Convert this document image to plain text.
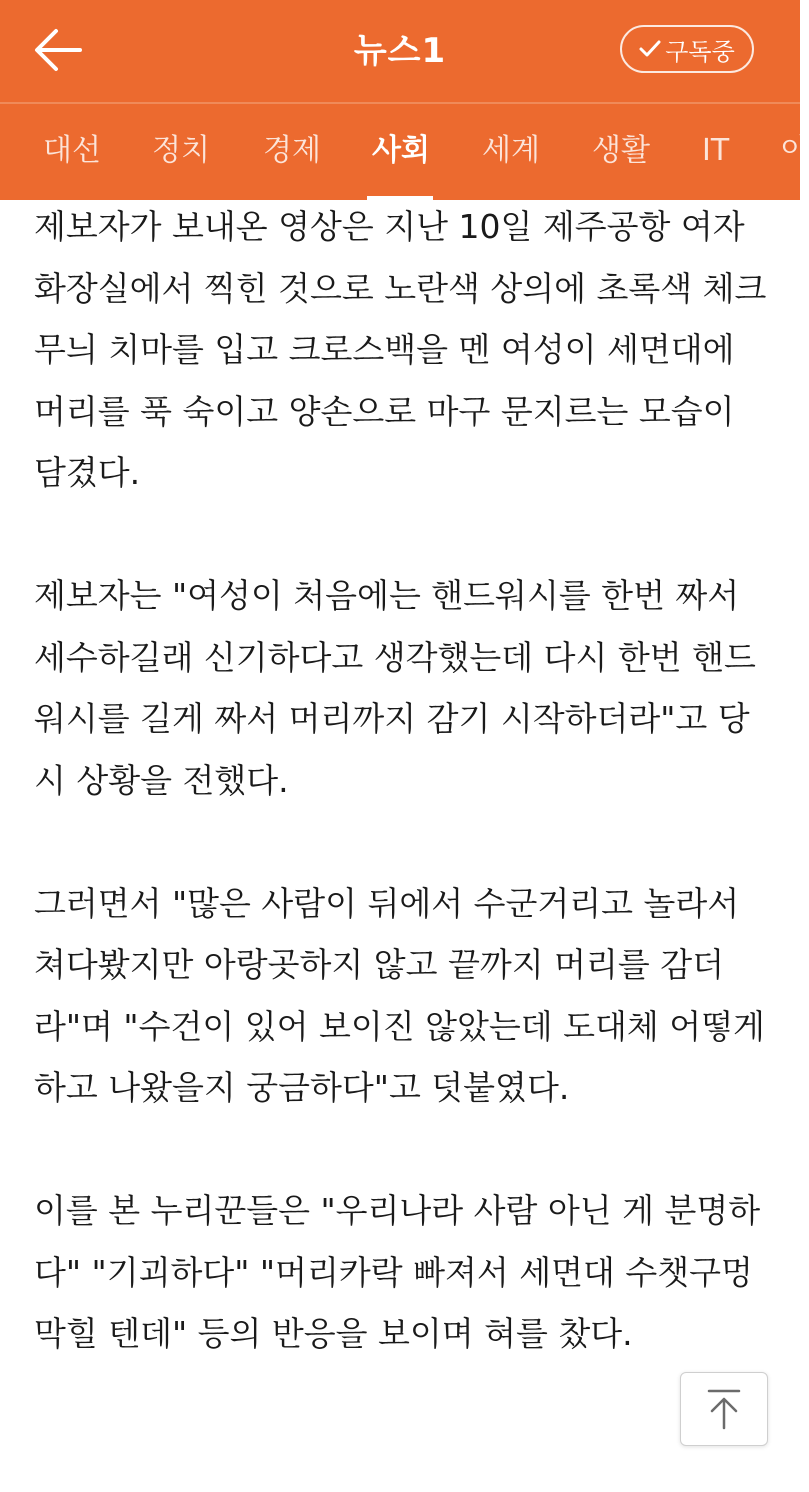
뉴스1	구독중
대선 정치 경제 사회 세계 생활 IT 이

제보자가 보내온 영상은 지난 10일 제주공항 여자 화장실에서 찍힌 것으로 노란색 상의에 초록색 체크무늬 치마를 입고 크로스백을 멘 여성이 세면대에 머리를 푹 숙이고 양손으로 마구 문지르는 모습이 담겼다.

제보자는 "여성이 처음에는 핸드워시를 한번 짜서 세수하길래 신기하다고 생각했는데 다시 한번 핸드워시를 길게 짜서 머리까지 감기 시작하더라"고 당시 상황을 전했다.

그러면서 "많은 사람이 뒤에서 수군거리고 놀라서 쳐다봤지만 아랑곳하지 않고 끝까지 머리를 감더라"며 "수건이 있어 보이진 않았는데 도대체 어떻게 하고 나왔을지 궁금하다"고 덧붙였다.

이를 본 누리꾼들은 "우리나라 사람 아닌 게 분명하다" "기괴하다" "머리카락 빠져서 세면대 수챗구멍 막힐 텐데" 등의 반응을 보이며 혀를 찼다.
